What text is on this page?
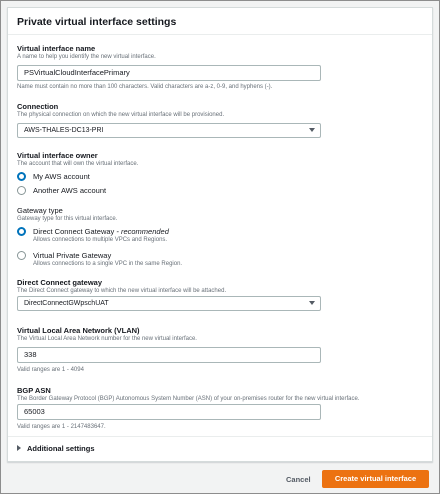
Private virtual interface settings
Virtual interface name
A name to help you identify the new virtual interface.
PSVirtualCloudInterfacePrimary
Name must contain no more than 100 characters. Valid characters are a-z, 0-9, and hyphens (-).
Connection
The physical connection on which the new virtual interface will be provisioned.
AWS-THALES-DC13-PRI
Virtual interface owner
The account that will own the virtual interface.
My AWS account
Another AWS account
Gateway type
Gateway type for this virtual interface.
Direct Connect Gateway - recommended
Allows connections to multiple VPCs and Regions.
Virtual Private Gateway
Allows connections to a single VPC in the same Region.
Direct Connect gateway
The Direct Connect gateway to which the new virtual interface will be attached.
DirectConnectGWpschUAT
Virtual Local Area Network (VLAN)
The Virtual Local Area Network number for the new virtual interface.
338
Valid ranges are 1 - 4094
BGP ASN
The Border Gateway Protocol (BGP) Autonomous System Number (ASN) of your on-premises router for the new virtual interface.
65003
Valid ranges are 1 - 2147483647.
Additional settings
Cancel	Create virtual interface
